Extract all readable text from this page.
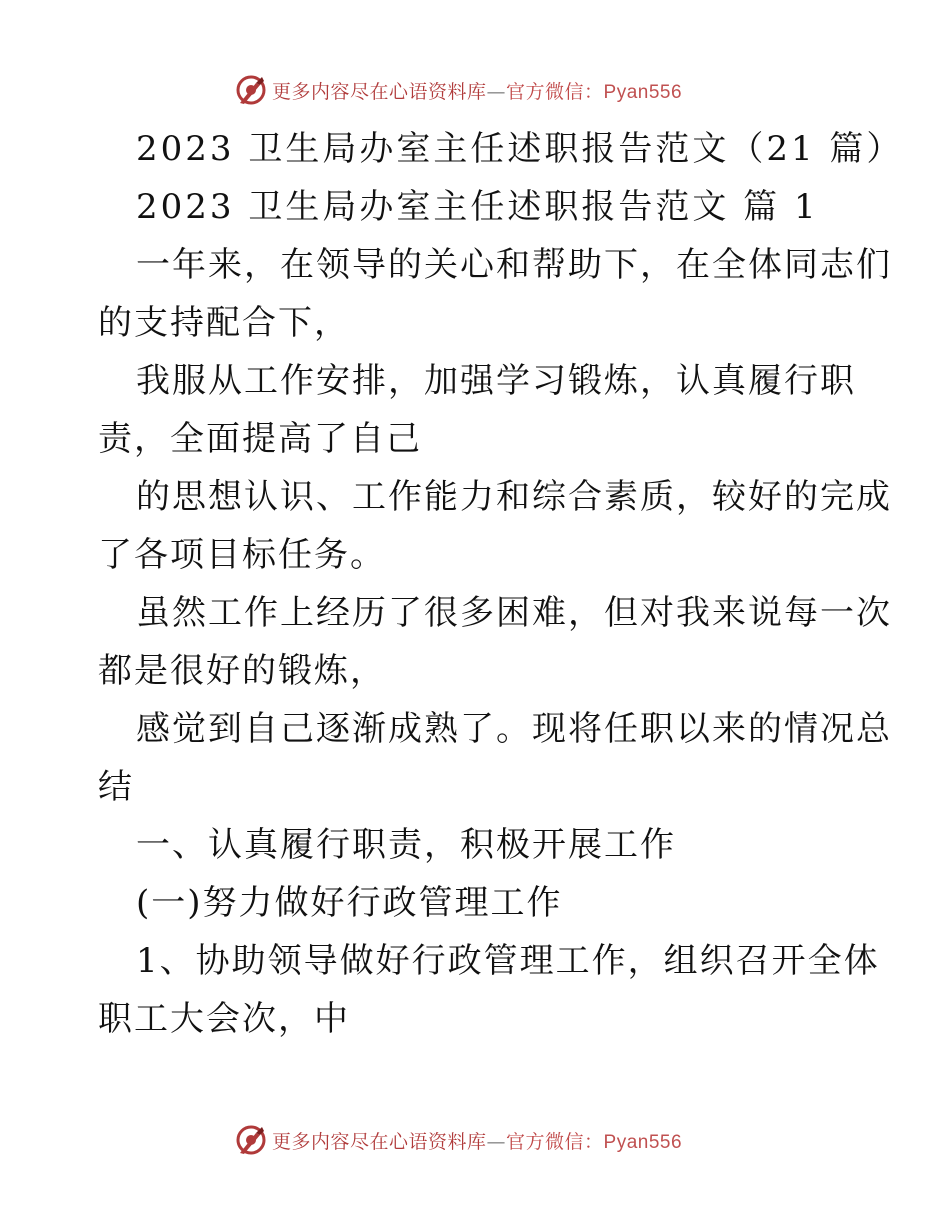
更多内容尽在心语资料库—官方微信：Pyan556
2023 卫生局办室主任述职报告范文（21 篇）
2023 卫生局办室主任述职报告范文 篇 1
一年来，在领导的关心和帮助下，在全体同志们
的支持配合下，
我服从工作安排，加强学习锻炼，认真履行职
责，全面提高了自己
的思想认识、工作能力和综合素质，较好的完成
了各项目标任务。
虽然工作上经历了很多困难，但对我来说每一次
都是很好的锻炼，
感觉到自己逐渐成熟了。现将任职以来的情况总
结
一、认真履行职责，积极开展工作
(一)努力做好行政管理工作
1、协助领导做好行政管理工作，组织召开全体
职工大会次，中
更多内容尽在心语资料库—官方微信：Pyan556
